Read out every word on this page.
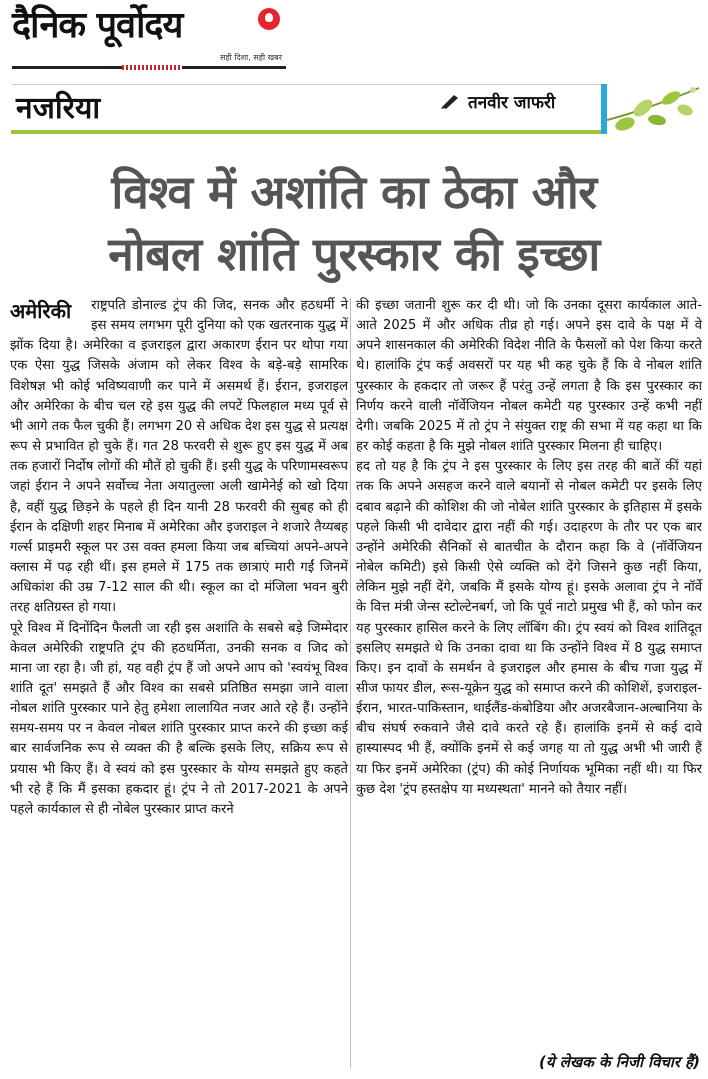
दैनिक पूर्वोदय
सही दिशा, सही खबर
नजरिया	तनवीर जाफरी
विश्व में अशांति का ठेका और
नोबल शांति पुरस्कार की इच्छा

अमेरिकी राष्ट्रपति डोनाल्ड ट्रंप की जिद, सनक और हठधर्मी ने इस समय लगभग पूरी दुनिया को एक खतरनाक युद्ध में झोंक दिया है। अमेरिका व इजराइल द्वारा अकारण ईरान पर थोपा गया एक ऐसा युद्ध जिसके अंजाम को लेकर विश्व के बड़े-बड़े सामरिक विशेषज्ञ भी कोई भविष्यवाणी कर पाने में असमर्थ हैं। ईरान, इजराइल और अमेरिका के बीच चल रहे इस युद्ध की लपटें फिलहाल मध्य पूर्व से भी आगे तक फैल चुकी हैं। लगभग 20 से अधिक देश इस युद्ध से प्रत्यक्ष रूप से प्रभावित हो चुके हैं। गत 28 फरवरी से शुरू हुए इस युद्ध में अब तक हजारों निर्दोष लोगों की मौतें हो चुकी हैं। इसी युद्ध के परिणामस्वरूप जहां ईरान ने अपने सर्वोच्च नेता अयातुल्ला अली खामेनेई को खो दिया है, वहीं युद्ध छिड़ने के पहले ही दिन यानी 28 फरवरी की सुबह को ही ईरान के दक्षिणी शहर मिनाब में अमेरिका और इजराइल ने शजारे तैय्यबह गर्ल्स प्राइमरी स्कूल पर उस वक्त हमला किया जब बच्चियां अपने-अपने क्लास में पढ़ रही थीं। इस हमले में 175 तक छात्राएं मारी गईं जिनमें अधिकांश की उम्र 7-12 साल की थी। स्कूल का दो मंजिला भवन बुरी तरह क्षतिग्रस्त हो गया।

पूरे विश्व में दिनोंदिन फैलती जा रही इस अशांति के सबसे बड़े जिम्मेदार केवल अमेरिकी राष्ट्रपति ट्रंप की हठधर्मिता, उनकी सनक व जिद को माना जा रहा है। जी हां, यह वही ट्रंप हैं जो अपने आप को 'स्वयंभू विश्व शांति दूत' समझते हैं और विश्व का सबसे प्रतिष्ठित समझा जाने वाला नोबल शांति पुरस्कार पाने हेतु हमेशा लालायित नजर आते रहे हैं। उन्होंने समय-समय पर न केवल नोबल शांति पुरस्कार प्राप्त करने की इच्छा कई बार सार्वजनिक रूप से व्यक्त की है बल्कि इसके लिए, सक्रिय रूप से प्रयास भी किए हैं। वे स्वयं को इस पुरस्कार के योग्य समझते हुए कहते भी रहे हैं कि मैं इसका हकदार हूं। ट्रंप ने तो 2017-2021 के अपने पहले कार्यकाल से ही नोबेल पुरस्कार प्राप्त करने

की इच्छा जतानी शुरू कर दी थी। जो कि उनका दूसरा कार्यकाल आते-आते 2025 में और अधिक तीव्र हो गई। अपने इस दावे के पक्ष में वे अपने शासनकाल की अमेरिकी विदेश नीति के फैसलों को पेश किया करते थे। हालांकि ट्रंप कई अवसरों पर यह भी कह चुके हैं कि वे नोबल शांति पुरस्कार के हकदार तो जरूर हैं परंतु उन्हें लगता है कि इस पुरस्कार का निर्णय करने वाली नॉर्वेजियन नोबल कमेटी यह पुरस्कार उन्हें कभी नहीं देगी। जबकि 2025 में तो ट्रंप ने संयुक्त राष्ट्र की सभा में यह कहा था कि हर कोई कहता है कि मुझे नोबल शांति पुरस्कार मिलना ही चाहिए।

हद तो यह है कि ट्रंप ने इस पुरस्कार के लिए इस तरह की बातें कीं यहां तक कि अपने असहज करने वाले बयानों से नोबल कमेटी पर इसके लिए दबाव बढ़ाने की कोशिश की जो नोबेल शांति पुरस्कार के इतिहास में इसके पहले किसी भी दावेदार द्वारा नहीं की गई। उदाहरण के तौर पर एक बार उन्होंने अमेरिकी सैनिकों से बातचीत के दौरान कहा कि वे (नॉर्वेजियन नोबेल कमिटी) इसे किसी ऐसे व्यक्ति को देंगे जिसने कुछ नहीं किया, लेकिन मुझे नहीं देंगे, जबकि मैं इसके योग्य हूं। इसके अलावा ट्रंप ने नॉर्वे के वित्त मंत्री जेन्स स्टोल्टेनबर्ग, जो कि पूर्व नाटो प्रमुख भी हैं, को फोन कर यह पुरस्कार हासिल करने के लिए लॉबिंग की। ट्रंप स्वयं को विश्व शांतिदूत इसलिए समझते थे कि उनका दावा था कि उन्होंने विश्व में 8 युद्ध समाप्त किए। इन दावों के समर्थन वे इजराइल और हमास के बीच गजा युद्ध में सीज फायर डील, रूस-यूक्रेन युद्ध को समाप्त करने की कोशिशें, इजराइल-ईरान, भारत-पाकिस्तान, थाईलैंड-कंबोडिया और अजरबैजान-अल्बानिया के बीच संघर्ष रुकवाने जैसे दावे करते रहे हैं। हालांकि इनमें से कई दावे हास्यास्पद भी हैं, क्योंकि इनमें से कई जगह या तो युद्ध अभी भी जारी हैं या फिर इनमें अमेरिका (ट्रंप) की कोई निर्णायक भूमिका नहीं थी। या फिर कुछ देश 'ट्रंप हस्तक्षेप या मध्यस्थता' मानने को तैयार नहीं।

(ये लेखक के निजी विचार हैं)
